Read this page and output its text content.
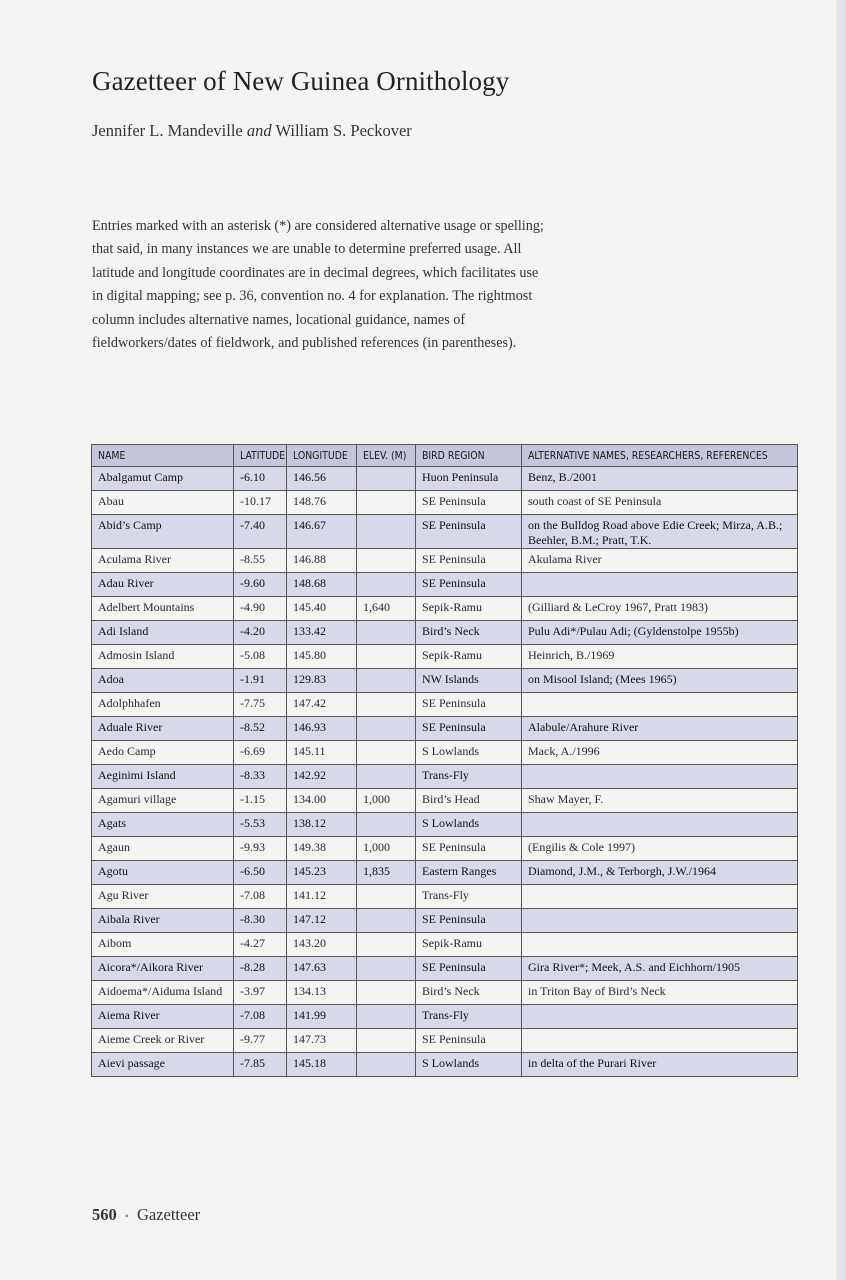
Gazetteer of New Guinea Ornithology
Jennifer L. Mandeville and William S. Peckover

Entries marked with an asterisk (*) are considered alternative usage or spelling; that said, in many instances we are unable to determine preferred usage. All latitude and longitude coordinates are in decimal degrees, which facilitates use in digital mapping; see p. 36, convention no. 4 for explanation. The rightmost column includes alternative names, locational guidance, names of fieldworkers/dates of fieldwork, and published references (in parentheses).

NAME	LATITUDE	LONGITUDE	ELEV. (M)	BIRD REGION	ALTERNATIVE NAMES, RESEARCHERS, REFERENCES
Abalgamut Camp	-6.10	146.56		Huon Peninsula	Benz, B./2001
Abau	-10.17	148.76		SE Peninsula	south coast of SE Peninsula
Abid’s Camp	-7.40	146.67		SE Peninsula	on the Bulldog Road above Edie Creek; Mirza, A.B.; Beehler, B.M.; Pratt, T.K.
Aculama River	-8.55	146.88		SE Peninsula	Akulama River
Adau River	-9.60	148.68		SE Peninsula	
Adelbert Mountains	-4.90	145.40	1,640	Sepik-Ramu	(Gilliard & LeCroy 1967, Pratt 1983)
Adi Island	-4.20	133.42		Bird’s Neck	Pulu Adi*/Pulau Adi; (Gyldenstolpe 1955b)
Admosin Island	-5.08	145.80		Sepik-Ramu	Heinrich, B./1969
Adoa	-1.91	129.83		NW Islands	on Misool Island; (Mees 1965)
Adolphhafen	-7.75	147.42		SE Peninsula	
Aduale River	-8.52	146.93		SE Peninsula	Alabule/Arahure River
Aedo Camp	-6.69	145.11		S Lowlands	Mack, A./1996
Aeginimi Island	-8.33	142.92		Trans-Fly	
Agamuri village	-1.15	134.00	1,000	Bird’s Head	Shaw Mayer, F.
Agats	-5.53	138.12		S Lowlands	
Agaun	-9.93	149.38	1,000	SE Peninsula	(Engilis & Cole 1997)
Agotu	-6.50	145.23	1,835	Eastern Ranges	Diamond, J.M., & Terborgh, J.W./1964
Agu River	-7.08	141.12		Trans-Fly	
Aibala River	-8.30	147.12		SE Peninsula	
Aibom	-4.27	143.20		Sepik-Ramu	
Aicora*/Aikora River	-8.28	147.63		SE Peninsula	Gira River*; Meek, A.S. and Eichhorn/1905
Aidoema*/Aiduma Island	-3.97	134.13		Bird’s Neck	in Triton Bay of Bird’s Neck
Aiema River	-7.08	141.99		Trans-Fly	
Aieme Creek or River	-9.77	147.73		SE Peninsula	
Aievi passage	-7.85	145.18		S Lowlands	in delta of the Purari River
560 • Gazetteer
